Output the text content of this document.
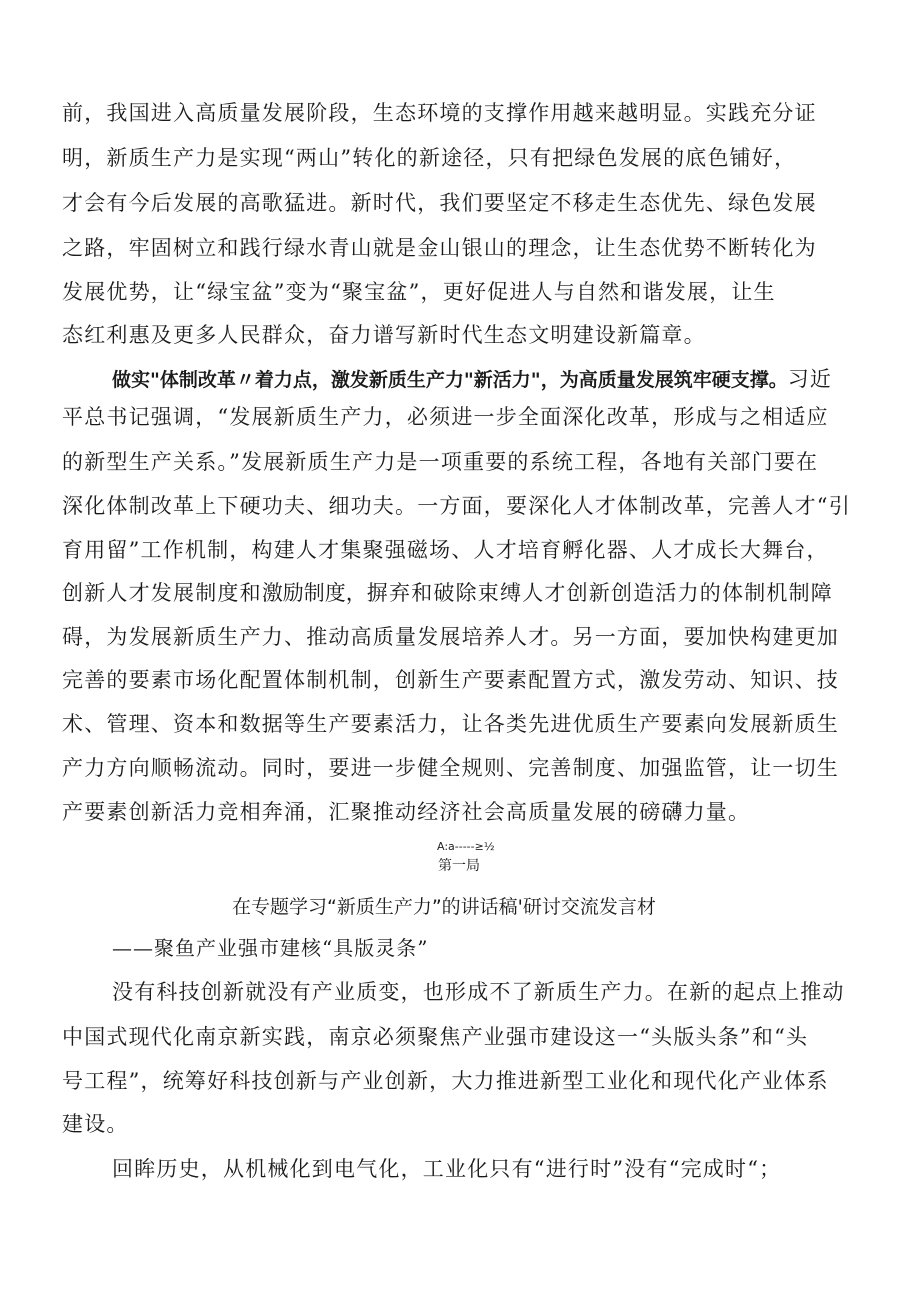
前，我国进入高质量发展阶段，生态环境的支撑作用越来越明显。实践充分证
明，新质生产力是实现“两山”转化的新途径，只有把绿色发展的底色铺好，
才会有今后发展的高歌猛进。新时代，我们要坚定不移走生态优先、绿色发展
之路，牢固树立和践行绿水青山就是金山银山的理念，让生态优势不断转化为
发展优势，让“绿宝盆”变为“聚宝盆”，更好促进人与自然和谐发展，让生
态红利惠及更多人民群众，奋力谱写新时代生态文明建设新篇章。
做实"体制改革〃着力点，激发新质生产力"新活力"，为高质量发展筑牢硬支撑。习近
平总书记强调，“发展新质生产力，必须进一步全面深化改革，形成与之相适应
的新型生产关系。”发展新质生产力是一项重要的系统工程，各地有关部门要在
深化体制改革上下硬功夫、细功夫。一方面，要深化人才体制改革，完善人才“引
育用留”工作机制，构建人才集聚强磁场、人才培育孵化器、人才成长大舞台，
创新人才发展制度和激励制度，摒弃和破除束缚人才创新创造活力的体制机制障
碍，为发展新质生产力、推动高质量发展培养人才。另一方面，要加快构建更加
完善的要素市场化配置体制机制，创新生产要素配置方式，激发劳动、知识、技
术、管理、资本和数据等生产要素活力，让各类先进优质生产要素向发展新质生
产力方向顺畅流动。同时，要进一步健全规则、完善制度、加强监管，让一切生
产要素创新活力竞相奔涌，汇聚推动经济社会高质量发展的磅礴力量。
A:a-----≥½
第一局
在专题学习“新质生产力”的讲话稿'研讨交流发言材
——聚鱼产业强市建核“具版灵条”
没有科技创新就没有产业质变，也形成不了新质生产力。在新的起点上推动
中国式现代化南京新实践，南京必须聚焦产业强市建设这一“头版头条”和“头
号工程”，统筹好科技创新与产业创新，大力推进新型工业化和现代化产业体系
建设。
回眸历史，从机械化到电气化，工业化只有“进行时”没有“完成时“；
